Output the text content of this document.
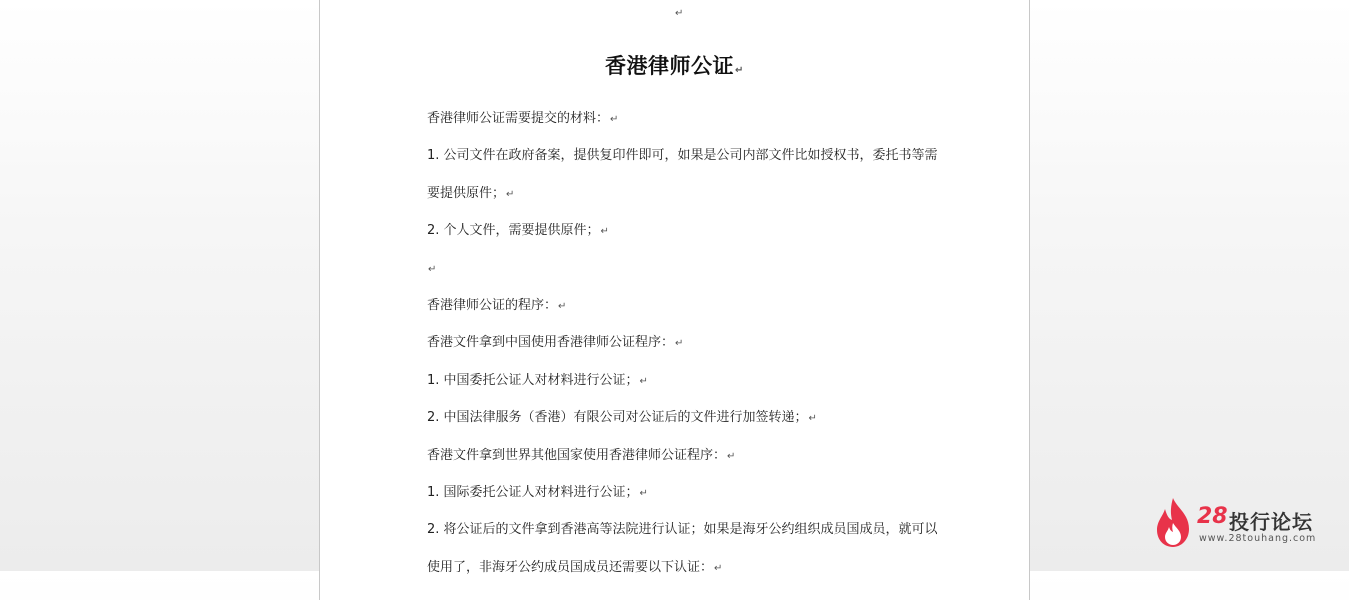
↵
香港律师公证↵
香港律师公证需要提交的材料：↵
1. 公司文件在政府备案，提供复印件即可，如果是公司内部文件比如授权书，委托书等需
要提供原件；↵
2. 个人文件，需要提供原件；↵
↵
香港律师公证的程序：↵
香港文件拿到中国使用香港律师公证程序：↵
1. 中国委托公证人对材料进行公证；↵
2. 中国法律服务（香港）有限公司对公证后的文件进行加签转递；↵
香港文件拿到世界其他国家使用香港律师公证程序：↵
1. 国际委托公证人对材料进行公证；↵
2. 将公证后的文件拿到香港高等法院进行认证；如果是海牙公约组织成员国成员，就可以
使用了，非海牙公约成员国成员还需要以下认证：↵
28 投行论坛
www.28touhang.com
